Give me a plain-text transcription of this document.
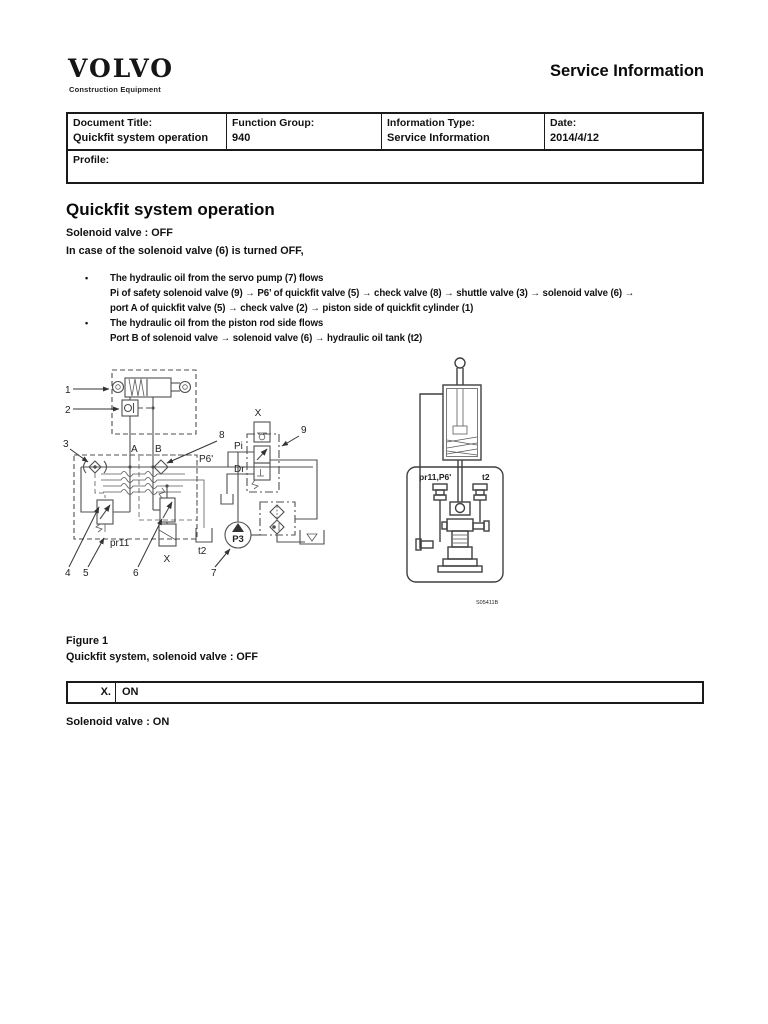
VOLVO
Construction Equipment
Service Information
Document Title:
Quickfit system operation
Function Group:
940
Information Type:
Service Information
Date:
2014/4/12
Profile:
Quickfit system operation
Solenoid valve : OFF
In case of the solenoid valve (6) is turned OFF,
•	The hydraulic oil from the servo pump (7) flows
Pi of safety solenoid valve (9) → P6’ of quickfit valve (5) → check valve (8) → shuttle valve (3) → solenoid valve (6) →
port A of quickfit valve (5) → check valve (2) → piston side of quickfit cylinder (1)
•	The hydraulic oil from the piston rod side flows
Port B of solenoid valve → solenoid valve (6) → hydraulic oil tank (t2)
1
2
A B
P6'
pr11
t2
X
3
8
4 5	6	7
X
Pi
Dr
9
P3
pr11,P6'	t2
S05411B
Figure 1
Quickfit system, solenoid valve : OFF
X.	ON
Solenoid valve : ON
